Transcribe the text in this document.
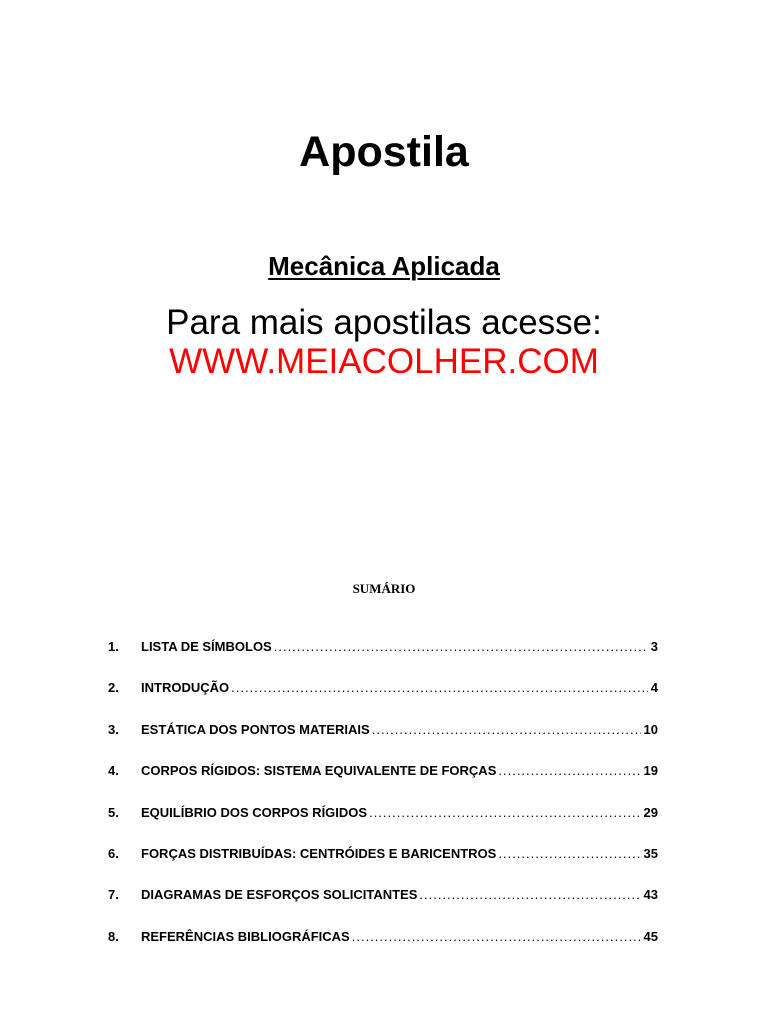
Apostila
Mecânica Aplicada
Para mais apostilas acesse:
WWW.MEIACOLHER.COM
SUMÁRIO
1.	LISTA DE SÍMBOLOS .....	3
2.	INTRODUÇÃO .....	4
3.	ESTÁTICA DOS PONTOS MATERIAIS .....	10
4.	CORPOS RÍGIDOS: SISTEMA EQUIVALENTE DE FORÇAS .....	19
5.	EQUILÍBRIO DOS CORPOS RÍGIDOS .....	29
6.	FORÇAS DISTRIBUÍDAS: CENTRÓIDES E BARICENTROS .....	35
7.	DIAGRAMAS DE ESFORÇOS SOLICITANTES .....	43
8.	REFERÊNCIAS BIBLIOGRÁFICAS .....	45
